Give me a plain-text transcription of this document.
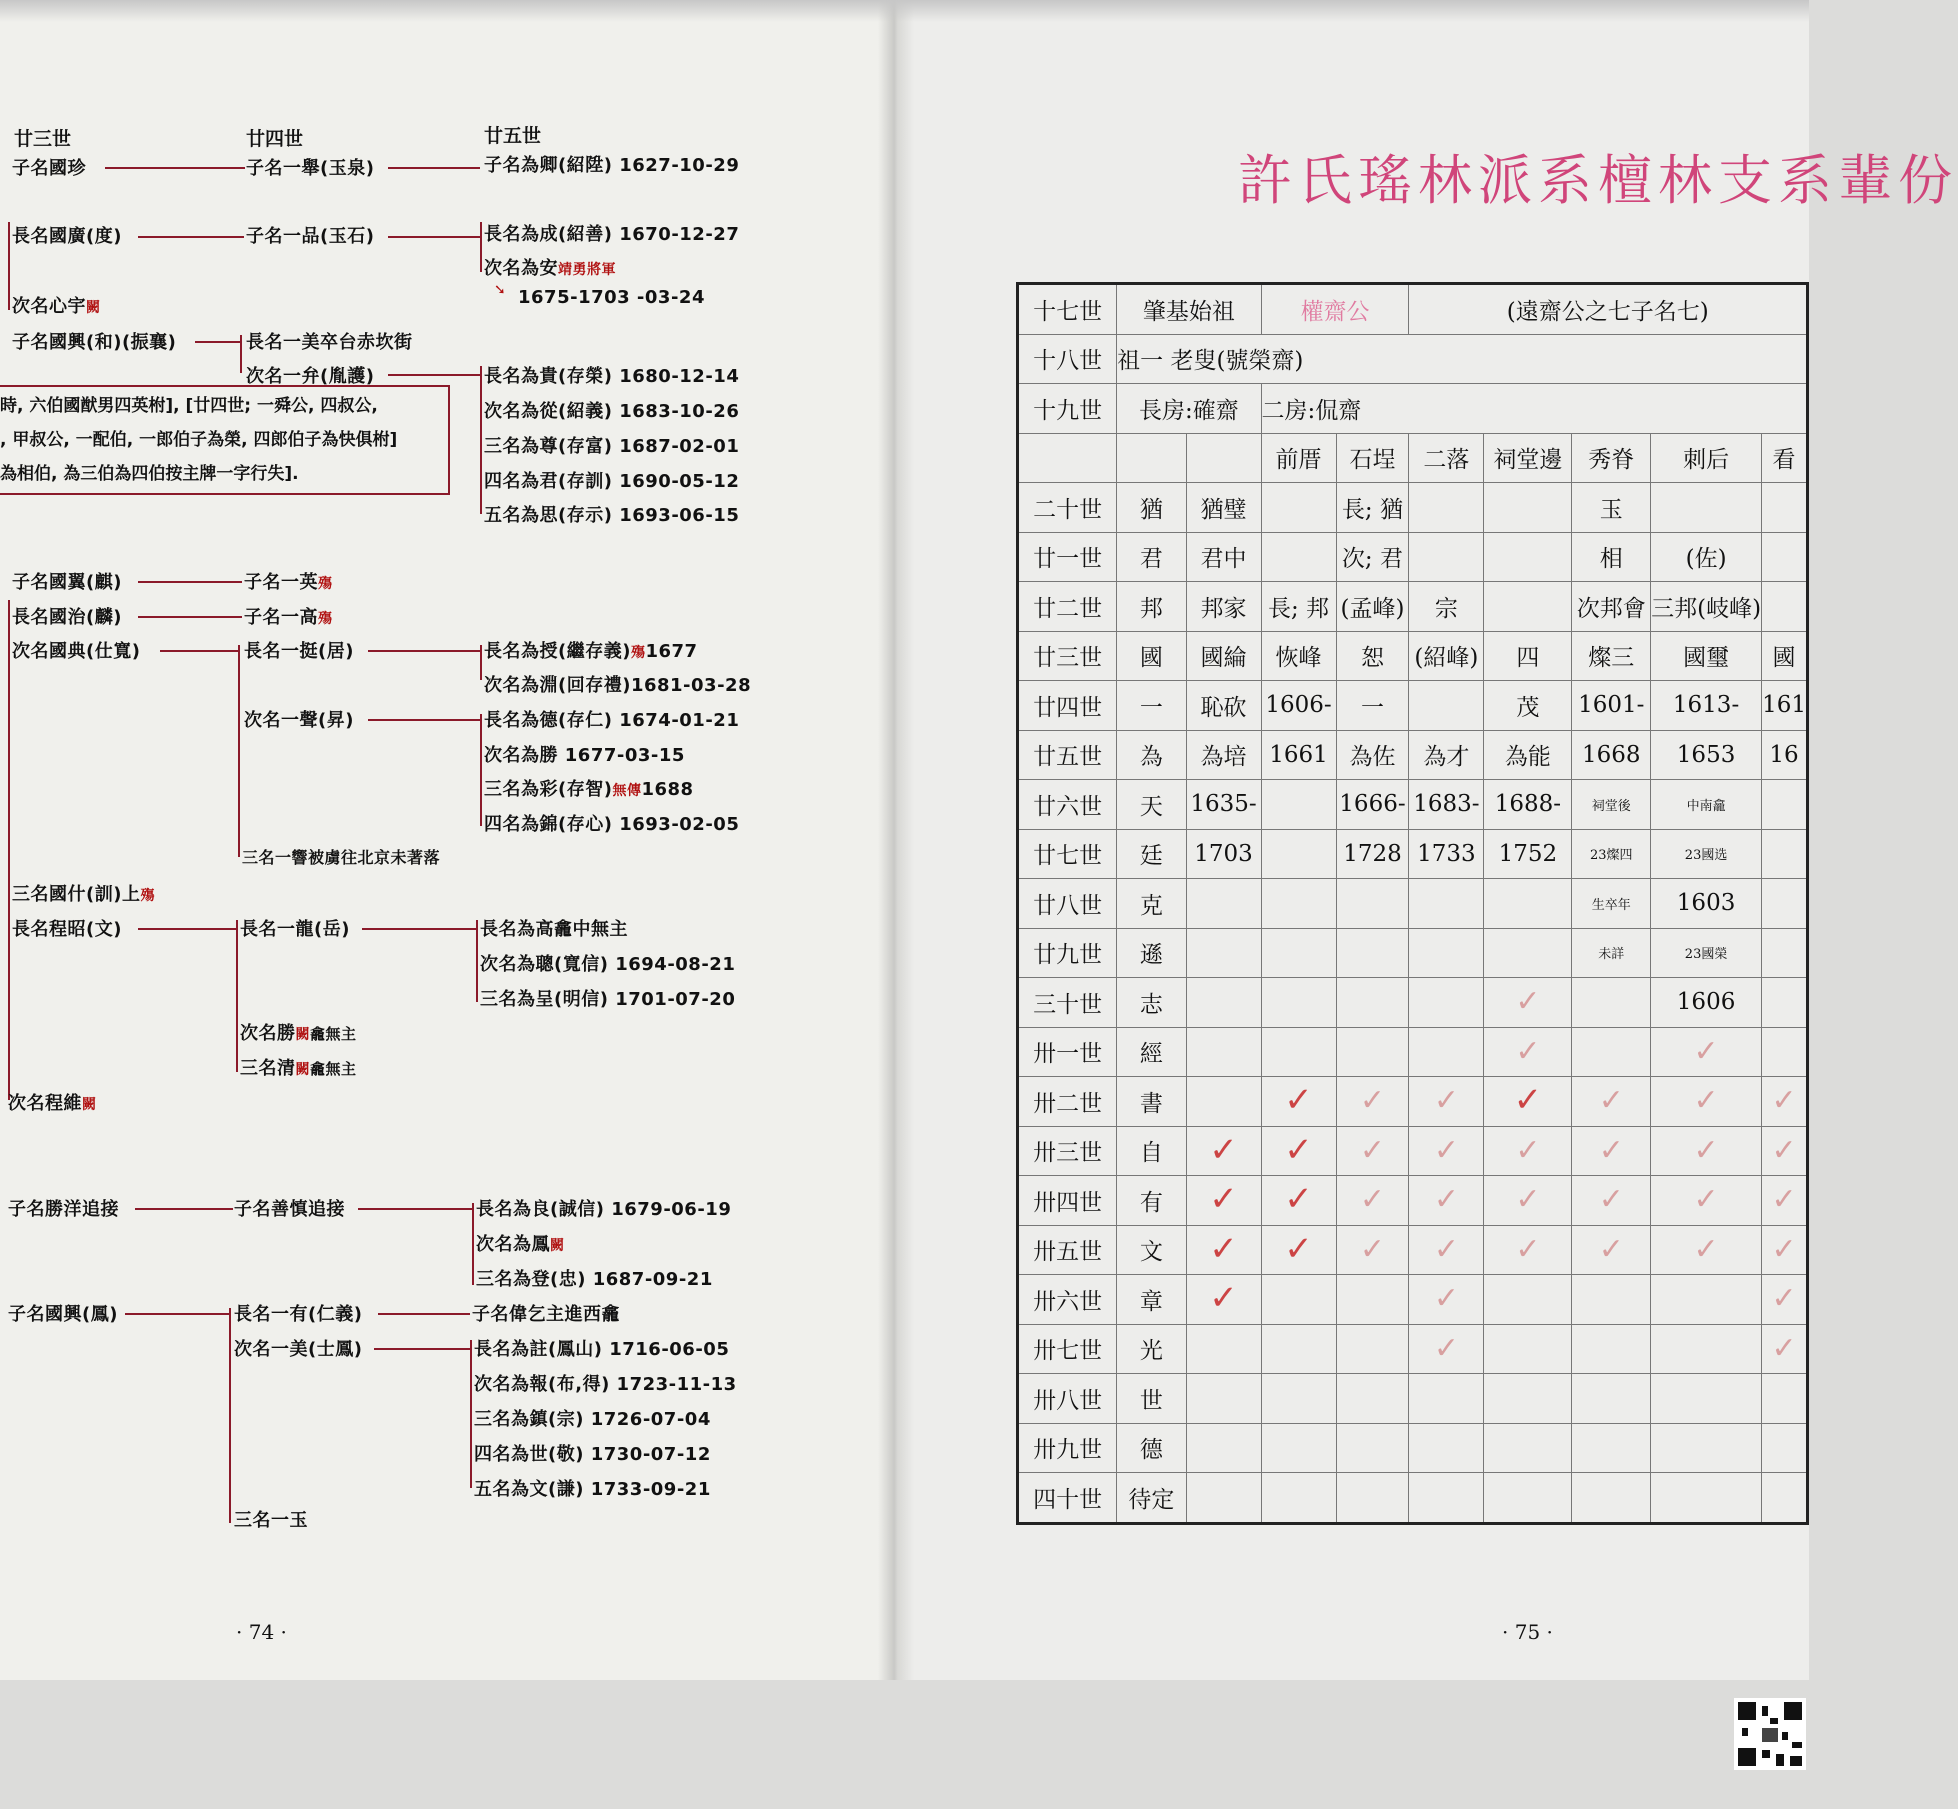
廿三世	廿四世	廿五世
子名國珍	子名一舉(玉泉)	子名為卿(紹陞) 1627-10-29
長名國廣(度)	子名一品(玉石)	長名為成(紹善) 1670-12-27
次名為安靖勇將軍
➘ 1675-1703 -03-24
次名心宇闕
子名國興(和)(振襄)	長名一美卒台赤坎街
次名一弁(胤護)	長名為貴(存榮) 1680-12-14
次名為從(紹義) 1683-10-26
三名為尊(存富) 1687-02-01
四名為君(存訓) 1690-05-12
五名為思(存示) 1693-06-15
時, 六伯國猷男四英柎], [廿四世; 一舜公, 四叔公,
, 甲叔公, 一配伯, 一郎伯子為榮, 四郎伯子為快俱柎]
為相伯, 為三伯為四伯按主牌一字行失].
子名國翼(麒)	子名一英殤
長名國治(麟)	子名一高殤
次名國典(仕寬)	長名一挺(居)	長名為授(繼存義)殤1677
次名為淵(回存禮)1681-03-28
次名一聲(昇)	長名為德(存仁) 1674-01-21
次名為勝 1677-03-15
三名為彩(存智)無傳1688
四名為錦(存心) 1693-02-05
三名一響被虜往北京未著落
三名國什(訓)上殤
長名程昭(文)	長名一龍(岳)	長名為高龕中無主
次名為聰(寬信) 1694-08-21
三名為呈(明信) 1701-07-20
次名勝闕龕無主
三名清闕龕無主
次名程維闕
子名勝洋追接	子名善慎追接	長名為良(誠信) 1679-06-19
次名為鳳闕
三名為登(忠) 1687-09-21
子名國興(鳳)	長名一有(仁義)	子名偉乞主進西龕
次名一美(士鳳)	長名為註(鳳山) 1716-06-05
次名為報(布,得) 1723-11-13
三名為鎮(宗) 1726-07-04
四名為世(敬) 1730-07-12
五名為文(謙) 1733-09-21
三名一玉
· 74 ·
許氏瑤林派系檀林支系輩份
十七世	肇基始祖		權齋公		(遠齋公之七子名七)				
十八世	祖一 老叟(號榮齋)								
十九世	長房:確齋		二房:侃齋						
			前厝	石埕	二落	祠堂邊	秀脊	刺后	看
二十世	猶	猶璧		長; 猶			玉		
廿一世	君	君中		次; 君			相	(佐)	
廿二世	邦	邦家	長; 邦	(孟峰)	宗		次邦會	三邦(岐峰)	
廿三世	國	國綸	恢峰	恕	(紹峰)	四	燦三	國璽	國
廿四世	一	恥砍	1606-	一		茂	1601-	1613-	161
廿五世	為	為培	1661	為佐	為才	為能	1668	1653	16
廿六世	天	1635-		1666-	1683-	1688-	祠堂後	中南龕	
廿七世	廷	1703		1728	1733	1752	23燦四	23國选	
廿八世	克						生卒年	1603	
廿九世	遜						未詳	23國榮	
三十世	志					✓		1606	
卅一世	經					✓		✓	
卅二世	書		✓	✓	✓	✓	✓	✓	✓
卅三世	自	✓	✓	✓	✓	✓	✓	✓	✓
卅四世	有	✓	✓	✓	✓	✓	✓	✓	✓
卅五世	文	✓	✓	✓	✓	✓	✓	✓	✓
卅六世	章	✓			✓				✓
卅七世	光				✓				✓
卅八世	世								
卅九世	德								
四十世	待定								
· 75 ·
